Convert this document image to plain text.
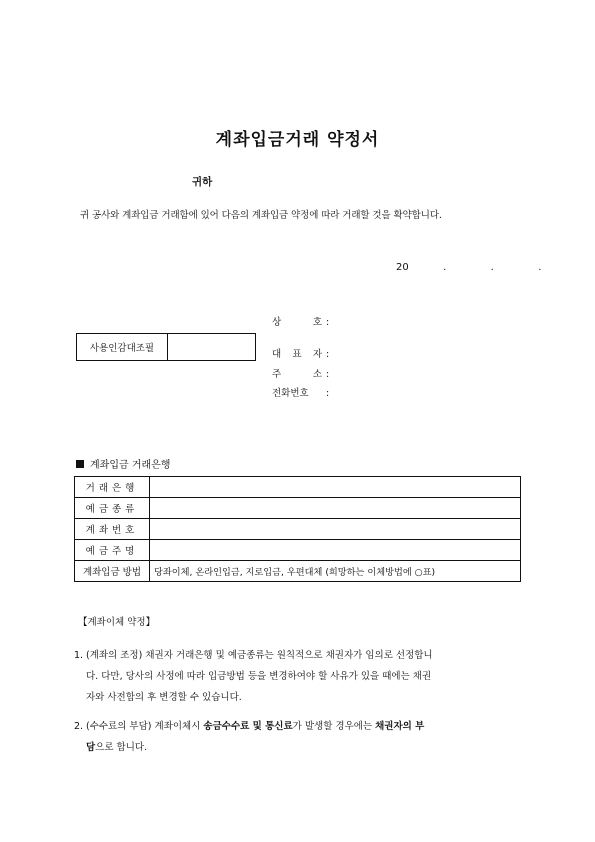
계좌입금거래 약정서
귀하
귀 공사와 계좌입금 거래함에 있어 다음의 계좌입금 약정에 따라 거래할 것을 확약합니다.
20	.	.	.
사용인감대조필
상 호 :
대 표 자 :
주 소 :
전화번호 :
계좌입금 거래은행
거래은행	
예금종류	
계좌번호	
예금주명	
계좌입금 방법	당좌이체, 온라인입금, 지로입금, 우편대체 (희망하는 이체방법에 ○표)
【계좌이체 약정】
1. (계좌의 조정) 채권자 거래은행 및 예금종류는 원칙적으로 채권자가 임의로 선정합니
다. 다만, 당사의 사정에 따라 입금방법 등을 변경하여야 할 사유가 있을 때에는 채권
자와 사전합의 후 변경할 수 있습니다.
2. (수수료의 부담) 계좌이체시 송금수수료 및 통신료가 발생할 경우에는 채권자의 부
담으로 합니다.
